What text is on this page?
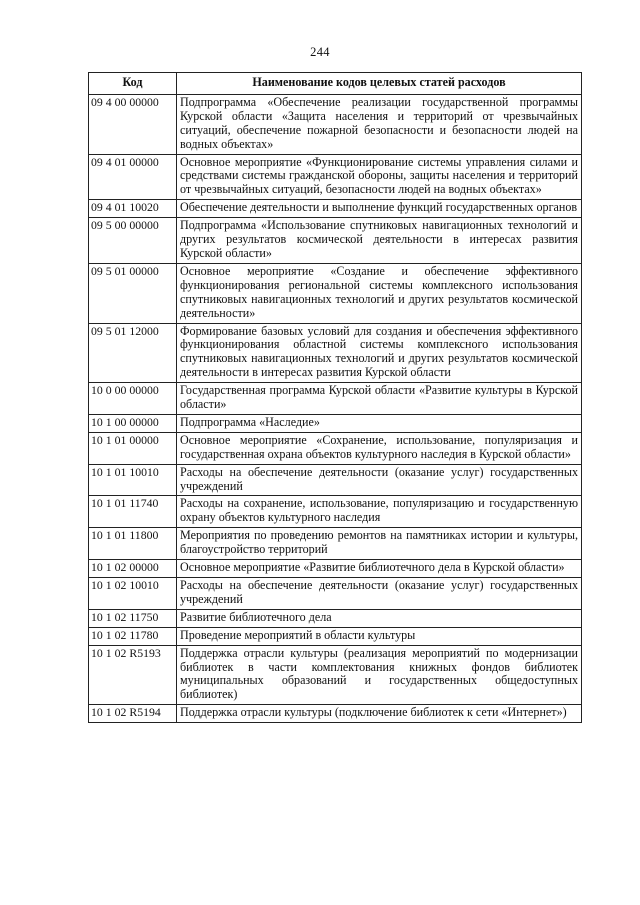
244
Код	Наименование кодов целевых статей расходов
09 4 00 00000	Подпрограмма «Обеспечение реализации государственной программы Курской области «Защита населения и территорий от чрезвычайных ситуаций, обеспечение пожарной безопасности и безопасности людей на водных объектах»
09 4 01 00000	Основное мероприятие «Функционирование системы управления силами и средствами системы гражданской обороны, защиты населения и территорий от чрезвычайных ситуаций, безопасности людей на водных объектах»
09 4 01 10020	Обеспечение деятельности и выполнение функций государственных органов
09 5 00 00000	Подпрограмма «Использование спутниковых навигационных технологий и других результатов космической деятельности в интересах развития Курской области»
09 5 01 00000	Основное мероприятие «Создание и обеспечение эффективного функционирования региональной системы комплексного использования спутниковых навигационных технологий и других результатов космической деятельности»
09 5 01 12000	Формирование базовых условий для создания и обеспечения эффективного функционирования областной системы комплексного использования спутниковых навигационных технологий и других результатов космической деятельности в интересах развития Курской области
10 0 00 00000	Государственная программа Курской области «Развитие культуры в Курской области»
10 1 00 00000	Подпрограмма «Наследие»
10 1 01 00000	Основное мероприятие «Сохранение, использование, популяризация и государственная охрана объектов культурного наследия в Курской области»
10 1 01 10010	Расходы на обеспечение деятельности (оказание услуг) государственных учреждений
10 1 01 11740	Расходы на сохранение, использование, популяризацию и государственную охрану объектов культурного наследия
10 1 01 11800	Мероприятия по проведению ремонтов на памятниках истории и культуры, благоустройство территорий
10 1 02 00000	Основное мероприятие «Развитие библиотечного дела в Курской области»
10 1 02 10010	Расходы на обеспечение деятельности (оказание услуг) государственных учреждений
10 1 02 11750	Развитие библиотечного дела
10 1 02 11780	Проведение мероприятий в области культуры
10 1 02 R5193	Поддержка отрасли культуры (реализация мероприятий по модернизации библиотек в части комплектования книжных фондов библиотек муниципальных образований и государственных общедоступных библиотек)
10 1 02 R5194	Поддержка отрасли культуры (подключение библиотек к сети «Интернет»)
